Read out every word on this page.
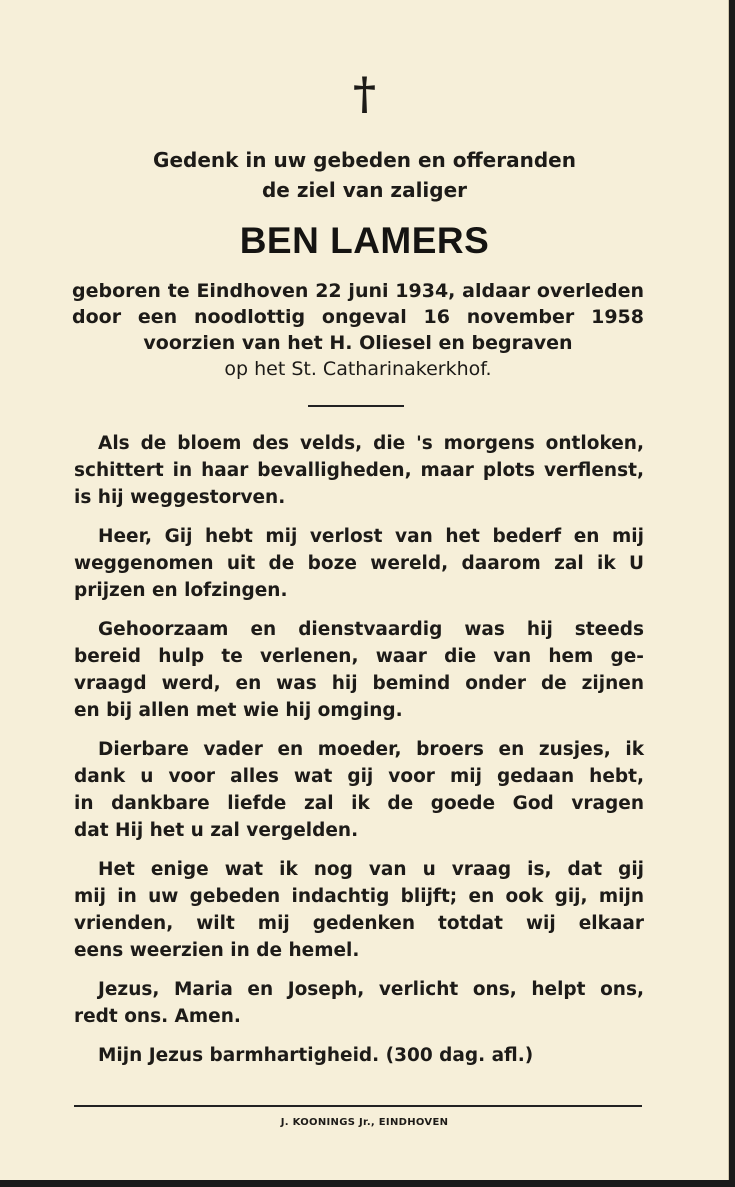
†
Gedenk in uw gebeden en offeranden
de ziel van zaliger
BEN LAMERS
geboren te Eindhoven 22 juni 1934, aldaar overleden
door een noodlottig ongeval 16 november 1958
voorzien van het H. Oliesel en begraven
op het St. Catharinakerkhof.
Als de bloem des velds, die 's morgens ontloken,
schittert in haar bevalligheden, maar plots verflenst,
is hij weggestorven.
Heer, Gij hebt mij verlost van het bederf en mij
weggenomen uit de boze wereld, daarom zal ik U
prijzen en lofzingen.
Gehoorzaam en dienstvaardig was hij steeds
bereid hulp te verlenen, waar die van hem ge-
vraagd werd, en was hij bemind onder de zijnen
en bij allen met wie hij omging.
Dierbare vader en moeder, broers en zusjes, ik
dank u voor alles wat gij voor mij gedaan hebt,
in dankbare liefde zal ik de goede God vragen
dat Hij het u zal vergelden.
Het enige wat ik nog van u vraag is, dat gij
mij in uw gebeden indachtig blijft; en ook gij, mijn
vrienden, wilt mij gedenken totdat wij elkaar
eens weerzien in de hemel.
Jezus, Maria en Joseph, verlicht ons, helpt ons,
redt ons. Amen.
Mijn Jezus barmhartigheid. (300 dag. afl.)
J. KOONINGS Jr., EINDHOVEN
